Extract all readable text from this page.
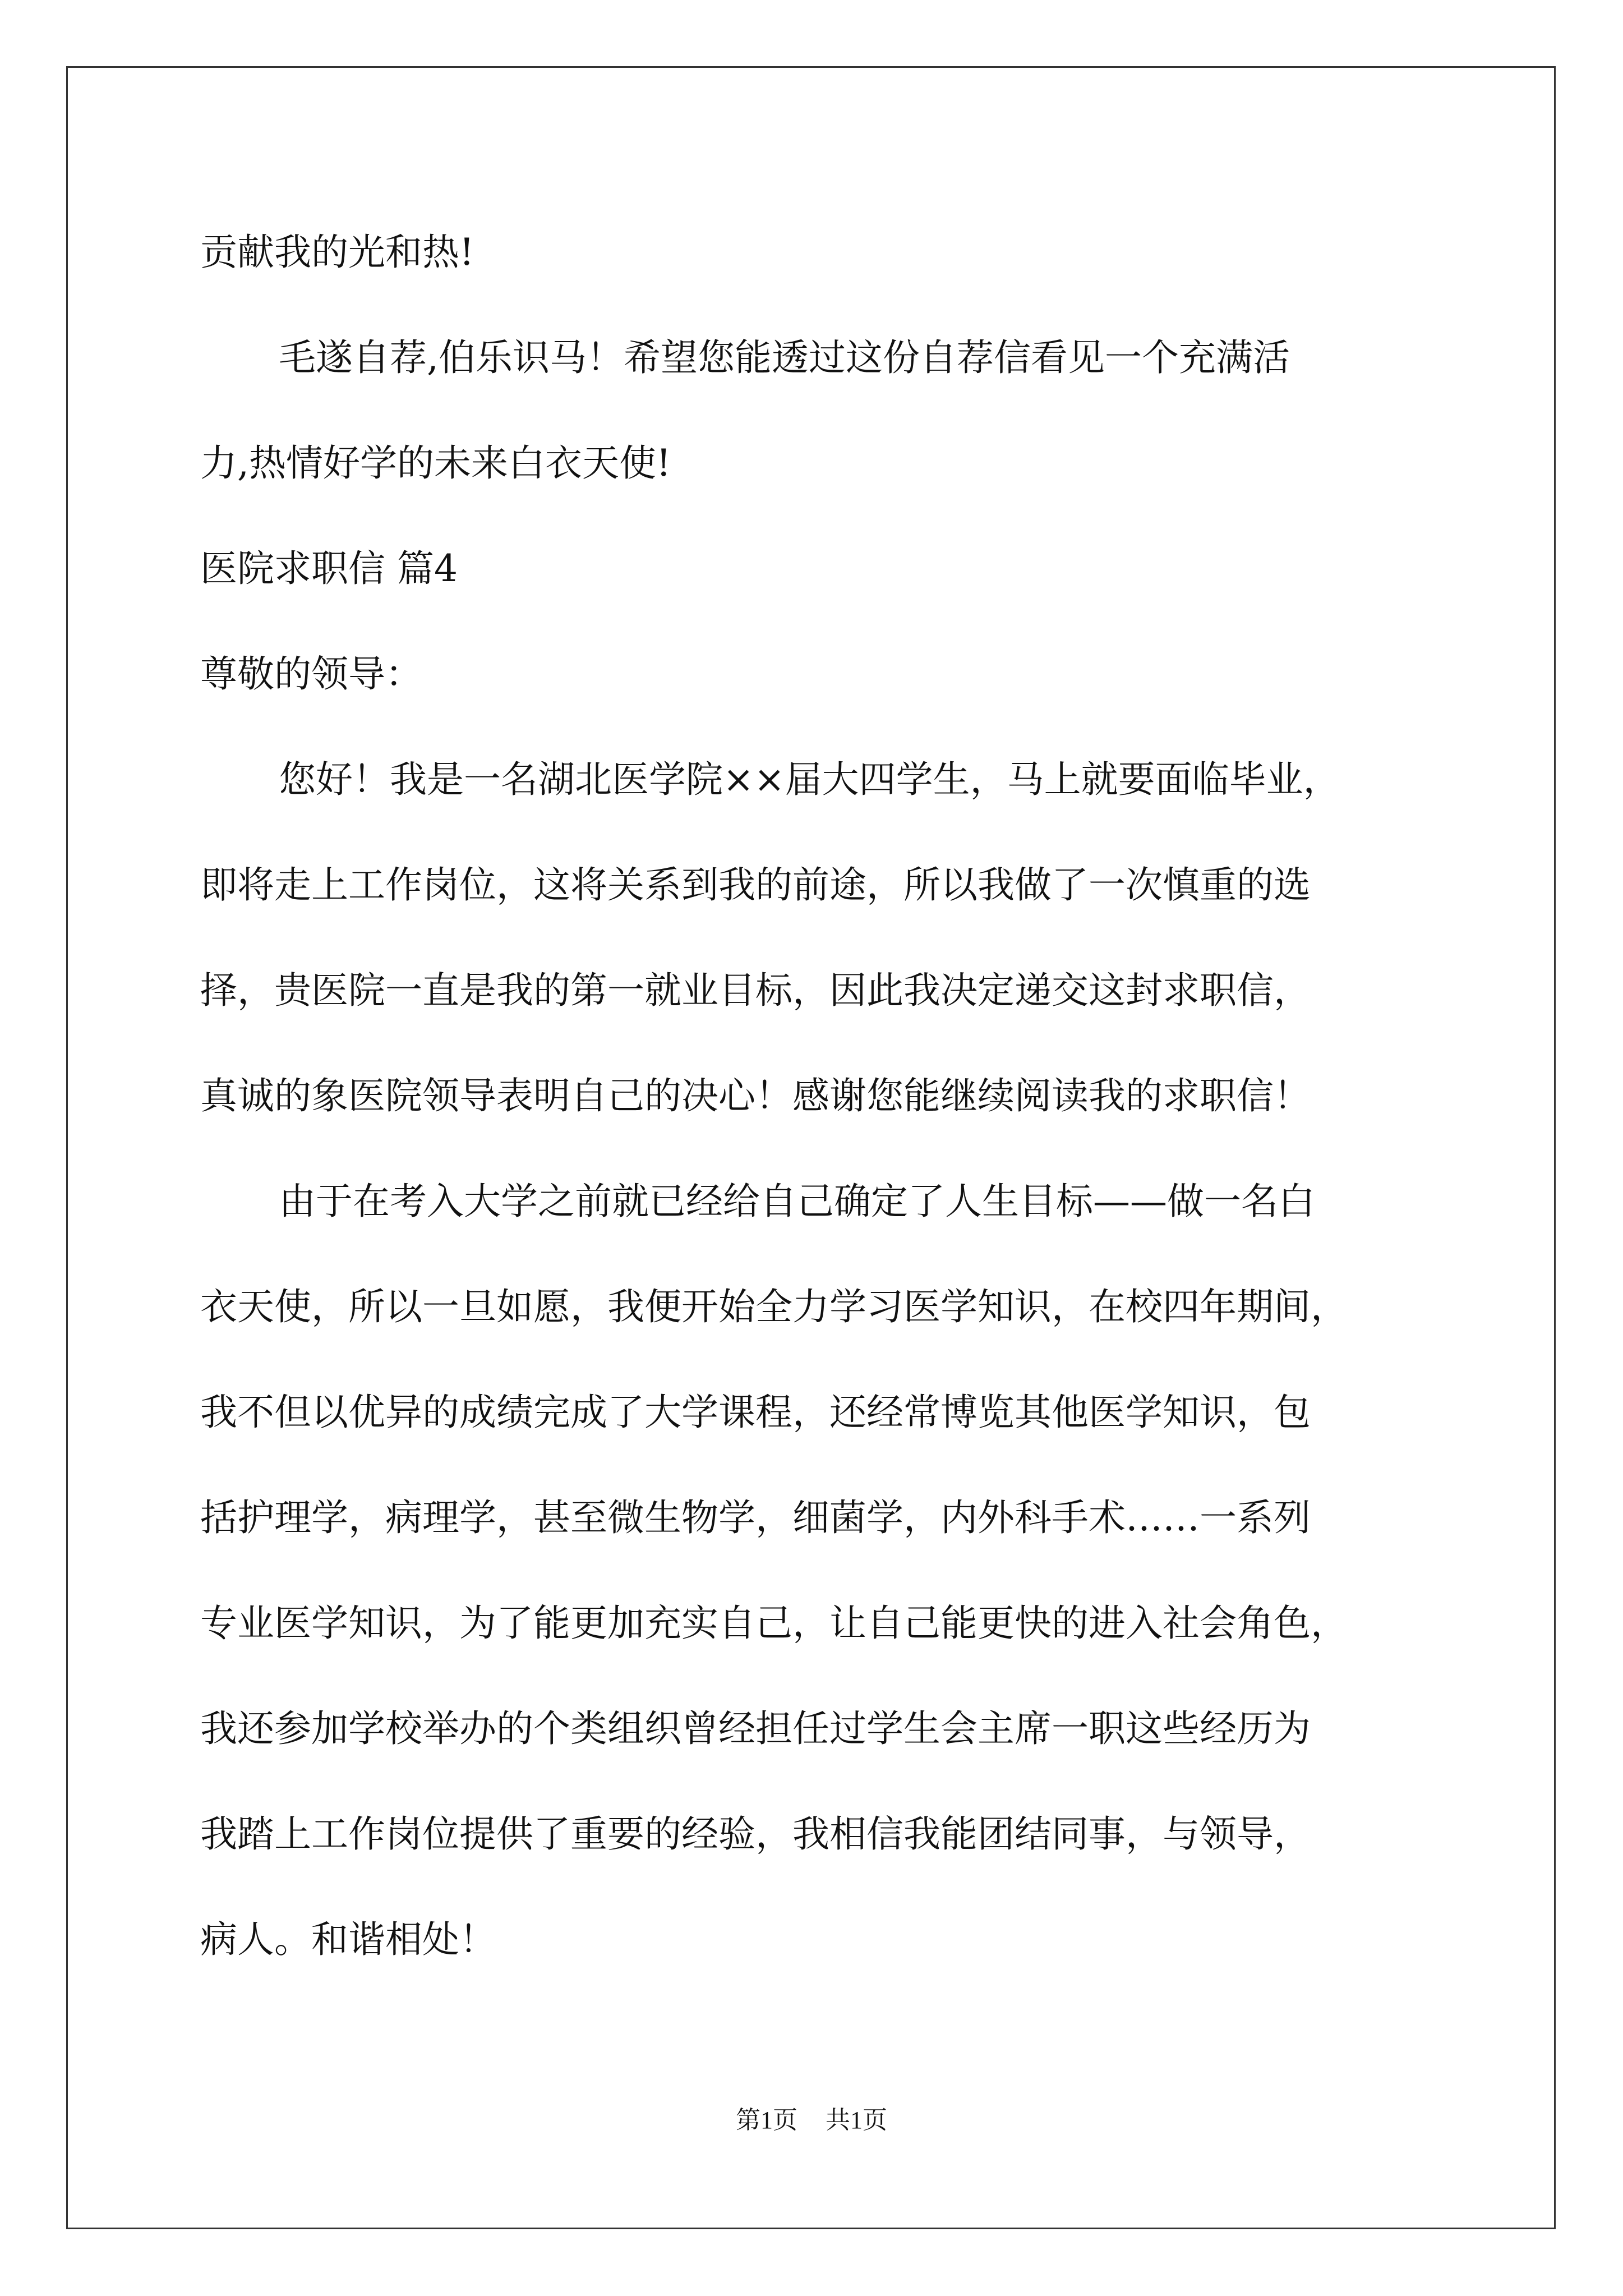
贡献我的光和热!
毛遂自荐,伯乐识马！希望您能透过这份自荐信看见一个充满活
力,热情好学的未来白衣天使!
医院求职信 篇4
尊敬的领导：
您好！我是一名湖北医学院××届大四学生，马上就要面临毕业，
即将走上工作岗位，这将关系到我的前途，所以我做了一次慎重的选
择，贵医院一直是我的第一就业目标，因此我决定递交这封求职信，
真诚的象医院领导表明自己的决心！感谢您能继续阅读我的求职信！
由于在考入大学之前就已经给自己确定了人生目标——做一名白
衣天使，所以一旦如愿，我便开始全力学习医学知识，在校四年期间，
我不但以优异的成绩完成了大学课程，还经常博览其他医学知识，包
括护理学，病理学，甚至微生物学，细菌学，内外科手术……一系列
专业医学知识，为了能更加充实自己，让自己能更快的进入社会角色，
我还参加学校举办的个类组织曾经担任过学生会主席一职这些经历为
我踏上工作岗位提供了重要的经验，我相信我能团结同事，与领导，
病人。和谐相处！
第1页 共1页
